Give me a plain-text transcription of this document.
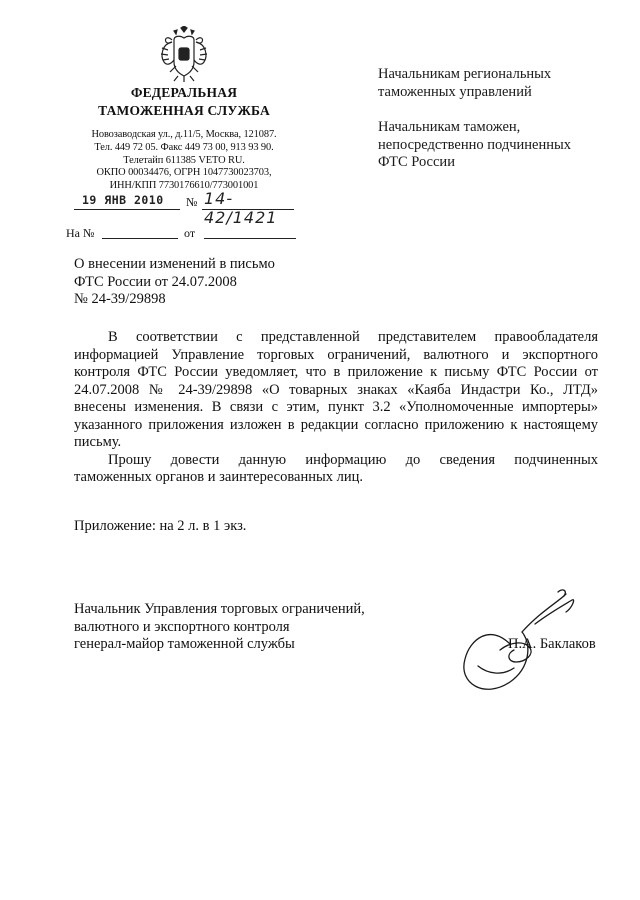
ФЕДЕРАЛЬНАЯ
ТАМОЖЕННАЯ СЛУЖБА
Новозаводская ул., д.11/5, Москва, 121087.
Тел. 449 72 05. Факс 449 73 00, 913 93 90.
Телетайп 611385 VETO RU.
ОКПО 00034476, ОГРН 1047730023703,
ИНН/КПП 7730176610/773001001
19 ЯНВ 2010 № 14-42/1421
На №	от
Начальникам региональных
таможенных управлений
Начальникам таможен,
непосредственно подчиненных
ФТС России
О внесении изменений в письмо
ФТС России от 24.07.2008
№ 24-39/29898
В соответствии с представленной представителем правообладателя
информацией Управление торговых ограничений, валютного и экспортного
контроля ФТС России уведомляет, что в приложение к письму ФТС России от
24.07.2008 № 24-39/29898 «О товарных знаках «Каяба Индастри Ко., ЛТД»
внесены изменения. В связи с этим, пункт 3.2 «Уполномоченные импортеры»
указанного приложения изложен в редакции согласно приложению к настоящему
письму.
Прошу довести данную информацию до сведения подчиненных
таможенных органов и заинтересованных лиц.
Приложение: на 2 л. в 1 экз.
Начальник Управления торговых ограничений,
валютного и экспортного контроля
генерал-майор таможенной службы	П.А. Баклаков
